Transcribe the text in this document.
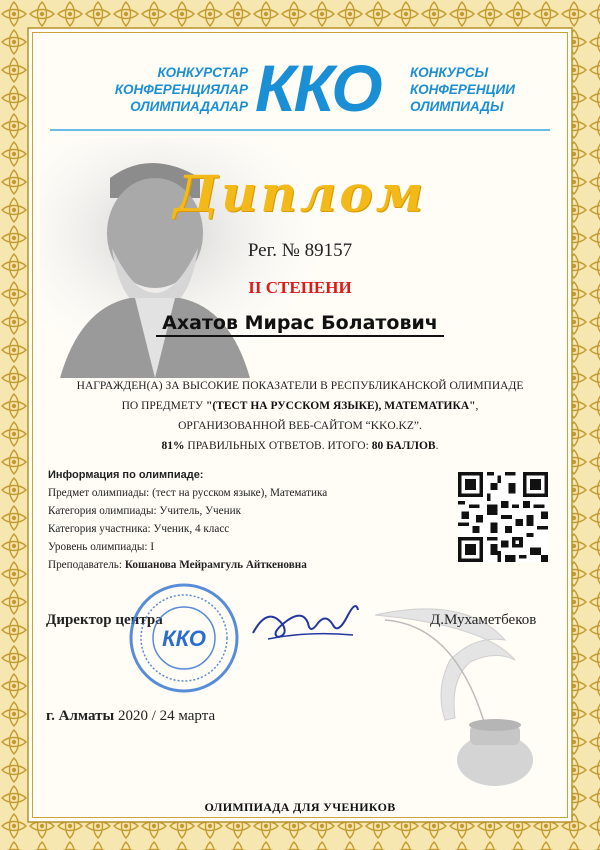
КОНКУРСТАР
КОНФЕРЕНЦИЯЛАР
ОЛИМПИАДАЛАР ККО КОНКУРСЫ
КОНФЕРЕНЦИИ
ОЛИМПИАДЫ
Диплом
Рег. № 89157
II СТЕПЕНИ
Ахатов Мирас Болатович
НАГРАЖДЕН(А) ЗА ВЫСОКИЕ ПОКАЗАТЕЛИ В РЕСПУБЛИКАНСКОЙ ОЛИМПИАДЕ
ПО ПРЕДМЕТУ "(ТЕСТ НА РУССКОМ ЯЗЫКЕ), МАТЕМАТИКА",
ОРГАНИЗОВАННОЙ ВЕБ-САЙТОМ “KKO.KZ”.
81% ПРАВИЛЬНЫХ ОТВЕТОВ. ИТОГО: 80 БАЛЛОВ.
Информация по олимпиаде:
Предмет олимпиады: (тест на русском языке), Математика
Категория олимпиады: Учитель, Ученик
Категория участника: Ученик, 4 класс
Уровень олимпиады: I
Преподаватель: Кошанова Мейрамгуль Айткеновна
Директор центра
ККО
Д.Мухаметбеков
г. Алматы 2020 / 24 марта
ОЛИМПИАДА ДЛЯ УЧЕНИКОВ
